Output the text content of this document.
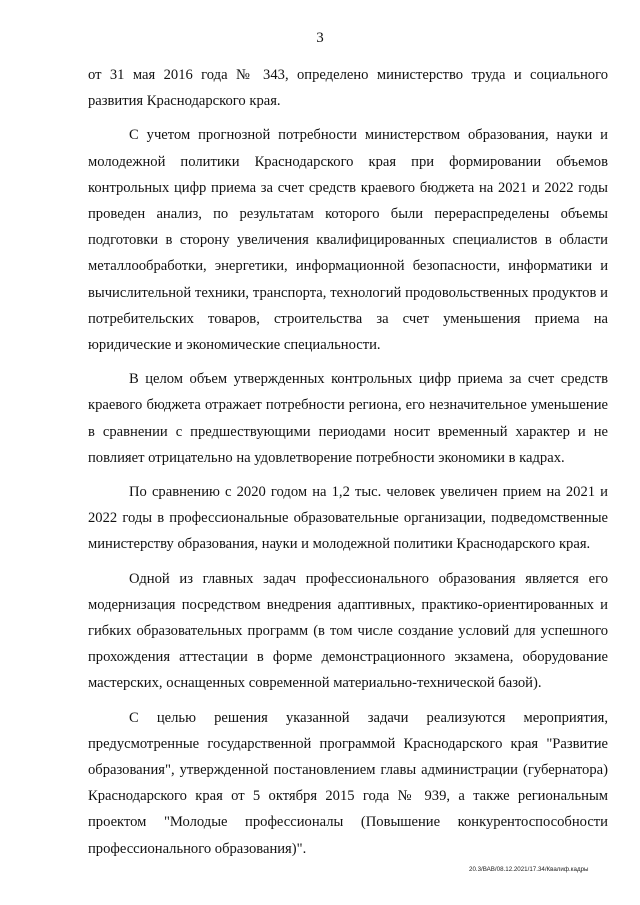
3

от 31 мая 2016 года № 343, определено министерство труда и социального развития Краснодарского края.

С учетом прогнозной потребности министерством образования, науки и молодежной политики Краснодарского края при формировании объемов контрольных цифр приема за счет средств краевого бюджета на 2021 и 2022 годы проведен анализ, по результатам которого были перераспределены объемы подготовки в сторону увеличения квалифицированных специалистов в области металлообработки, энергетики, информационной безопасности, информатики и вычислительной техники, транспорта, технологий продовольственных продуктов и потребительских товаров, строительства за счет уменьшения приема на юридические и экономические специальности.

В целом объем утвержденных контрольных цифр приема за счет средств краевого бюджета отражает потребности региона, его незначительное уменьшение в сравнении с предшествующими периодами носит временный характер и не повлияет отрицательно на удовлетворение потребности экономики в кадрах.

По сравнению с 2020 годом на 1,2 тыс. человек увеличен прием на 2021 и 2022 годы в профессиональные образовательные организации, подведомственные министерству образования, науки и молодежной политики Краснодарского края.

Одной из главных задач профессионального образования является его модернизация посредством внедрения адаптивных, практико-ориентированных и гибких образовательных программ (в том числе создание условий для успешного прохождения аттестации в форме демонстрационного экзамена, оборудование мастерских, оснащенных современной материально-технической базой).

С целью решения указанной задачи реализуются мероприятия, предусмотренные государственной программой Краснодарского края "Развитие образования", утвержденной постановлением главы администрации (губернатора) Краснодарского края от 5 октября 2015 года № 939, а также региональным проектом "Молодые профессионалы (Повышение конкурентоспособности профессионального образования)".

20.3/ВАВ/08.12.2021/17.34/Квалиф.кадры
